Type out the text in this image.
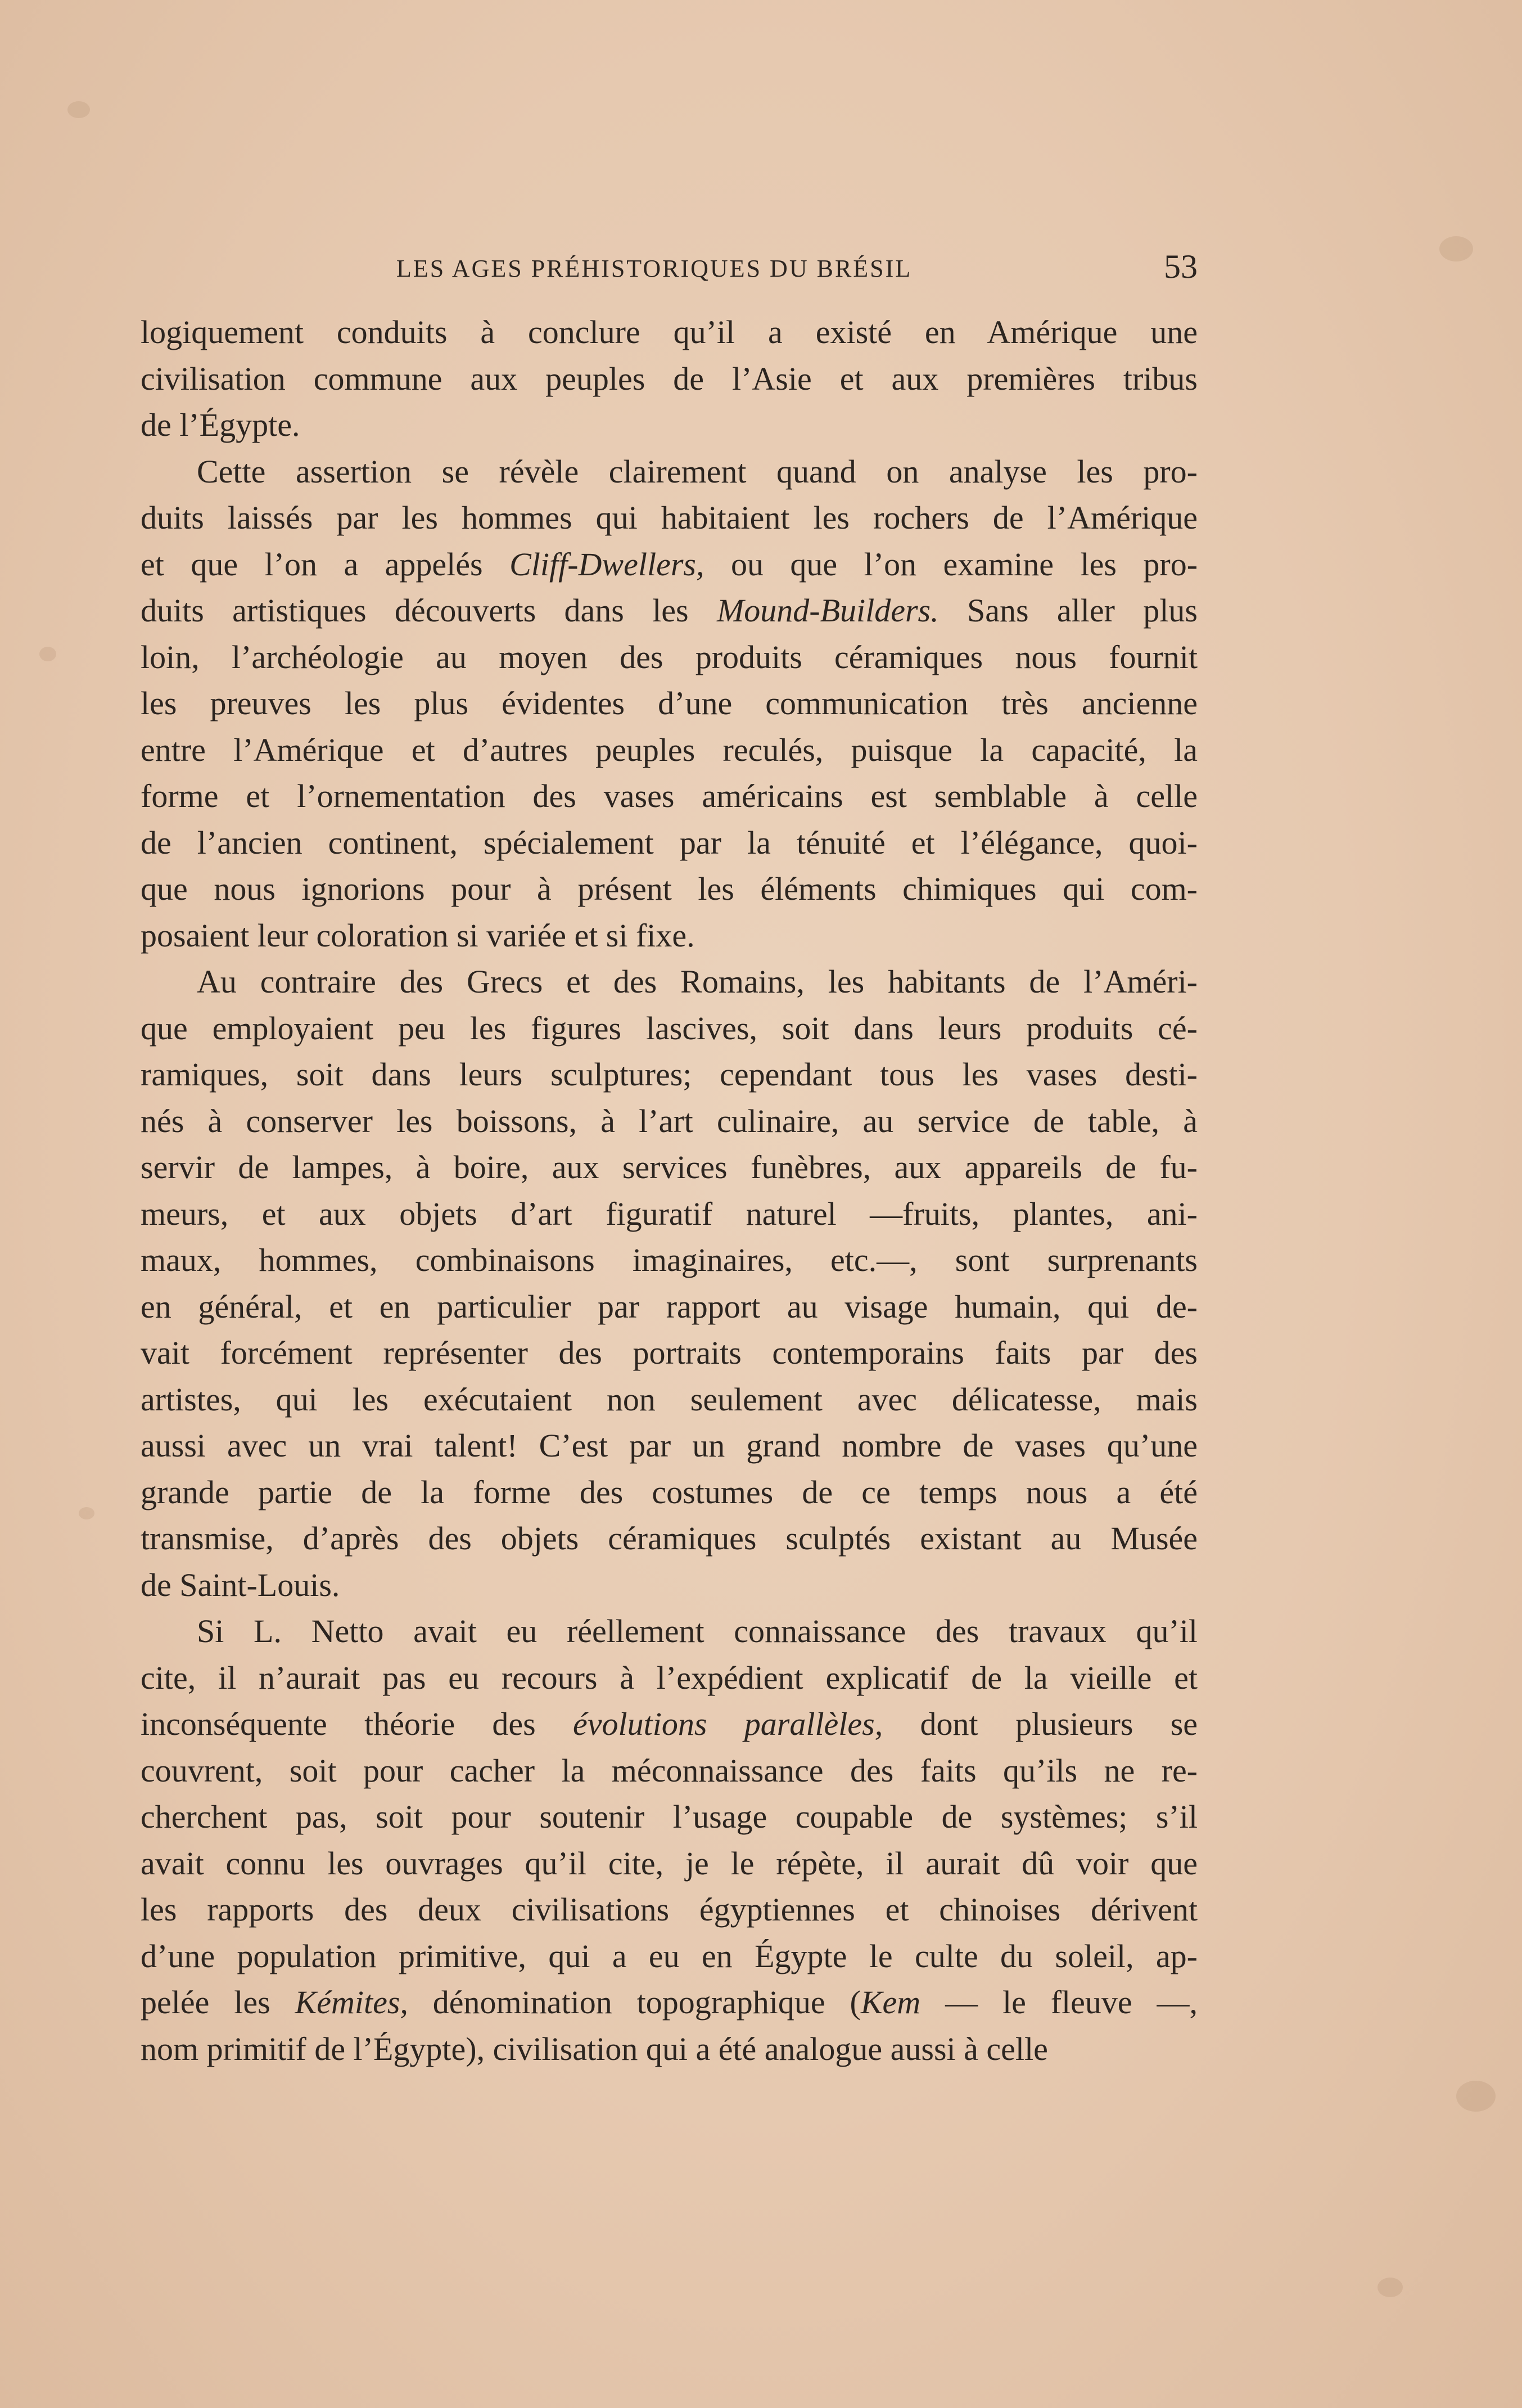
LES AGES PRÉHISTORIQUES DU BRÉSIL	53
logiquement conduits à conclure qu’il a existé en Amérique une
civilisation commune aux peuples de l’Asie et aux premières tribus
de l’Égypte.
Cette assertion se révèle clairement quand on analyse les pro-
duits laissés par les hommes qui habitaient les rochers de l’Amérique
et que l’on a appelés Cliff-Dwellers, ou que l’on examine les pro-
duits artistiques découverts dans les Mound-Builders. Sans aller plus
loin, l’archéologie au moyen des produits céramiques nous fournit
les preuves les plus évidentes d’une communication très ancienne
entre l’Amérique et d’autres peuples reculés, puisque la capacité, la
forme et l’ornementation des vases américains est semblable à celle
de l’ancien continent, spécialement par la ténuité et l’élégance, quoi-
que nous ignorions pour à présent les éléments chimiques qui com-
posaient leur coloration si variée et si fixe.
Au contraire des Grecs et des Romains, les habitants de l’Améri-
que employaient peu les figures lascives, soit dans leurs produits cé-
ramiques, soit dans leurs sculptures; cependant tous les vases desti-
nés à conserver les boissons, à l’art culinaire, au service de table, à
servir de lampes, à boire, aux services funèbres, aux appareils de fu-
meurs, et aux objets d’art figuratif naturel —fruits, plantes, ani-
maux, hommes, combinaisons imaginaires, etc.—, sont surprenants
en général, et en particulier par rapport au visage humain, qui de-
vait forcément représenter des portraits contemporains faits par des
artistes, qui les exécutaient non seulement avec délicatesse, mais
aussi avec un vrai talent! C’est par un grand nombre de vases qu’une
grande partie de la forme des costumes de ce temps nous a été
transmise, d’après des objets céramiques sculptés existant au Musée
de Saint-Louis.
Si L. Netto avait eu réellement connaissance des travaux qu’il
cite, il n’aurait pas eu recours à l’expédient explicatif de la vieille et
inconséquente théorie des évolutions parallèles, dont plusieurs se
couvrent, soit pour cacher la méconnaissance des faits qu’ils ne re-
cherchent pas, soit pour soutenir l’usage coupable de systèmes; s’il
avait connu les ouvrages qu’il cite, je le répète, il aurait dû voir que
les rapports des deux civilisations égyptiennes et chinoises dérivent
d’une population primitive, qui a eu en Égypte le culte du soleil, ap-
pelée les Kémites, dénomination topographique (Kem — le fleuve —,
nom primitif de l’Égypte), civilisation qui a été analogue aussi à celle
